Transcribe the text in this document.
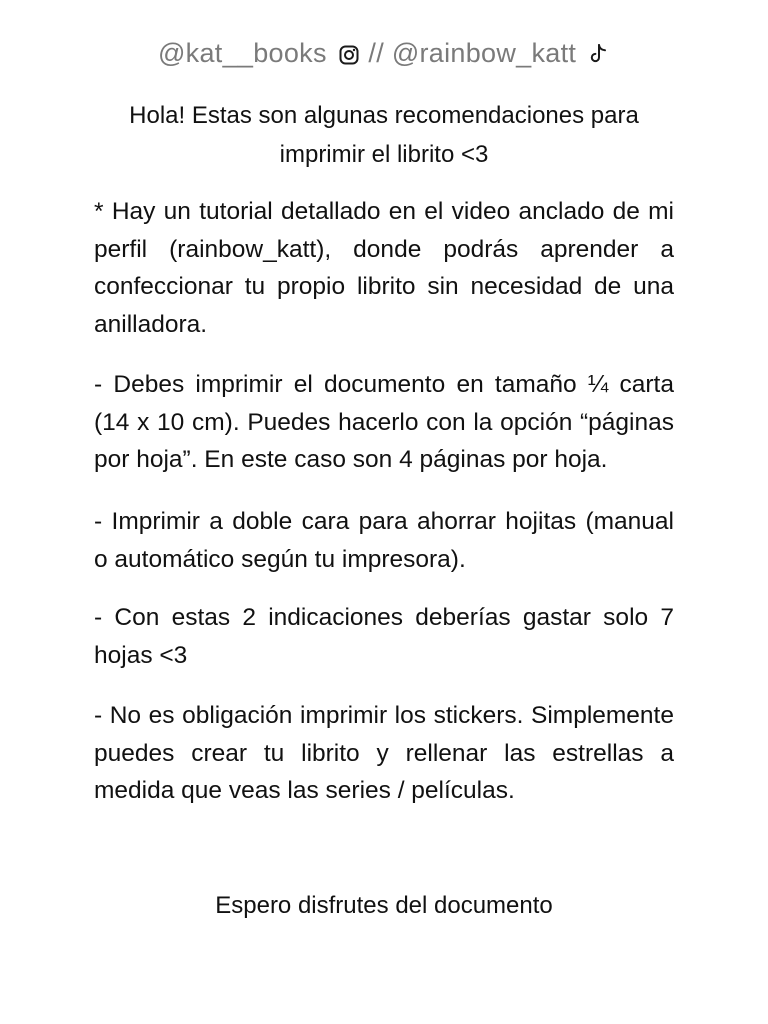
@kat__books // @rainbow_katt
Hola! Estas son algunas recomendaciones para imprimir el librito <3
* Hay un tutorial detallado en el video anclado de mi perfil (rainbow_katt), donde podrás aprender a confeccionar tu propio librito sin necesidad de una anilladora.
- Debes imprimir el documento en tamaño ¼ carta (14 x 10 cm). Puedes hacerlo con la opción “páginas por hoja”. En este caso son 4 páginas por hoja.
- Imprimir a doble cara para ahorrar hojitas (manual o automático según tu impresora).
- Con estas 2 indicaciones deberías gastar solo 7 hojas <3
- No es obligación imprimir los stickers. Simplemente puedes crear tu librito y rellenar las estrellas a medida que veas las series / películas.
Espero disfrutes del documento
